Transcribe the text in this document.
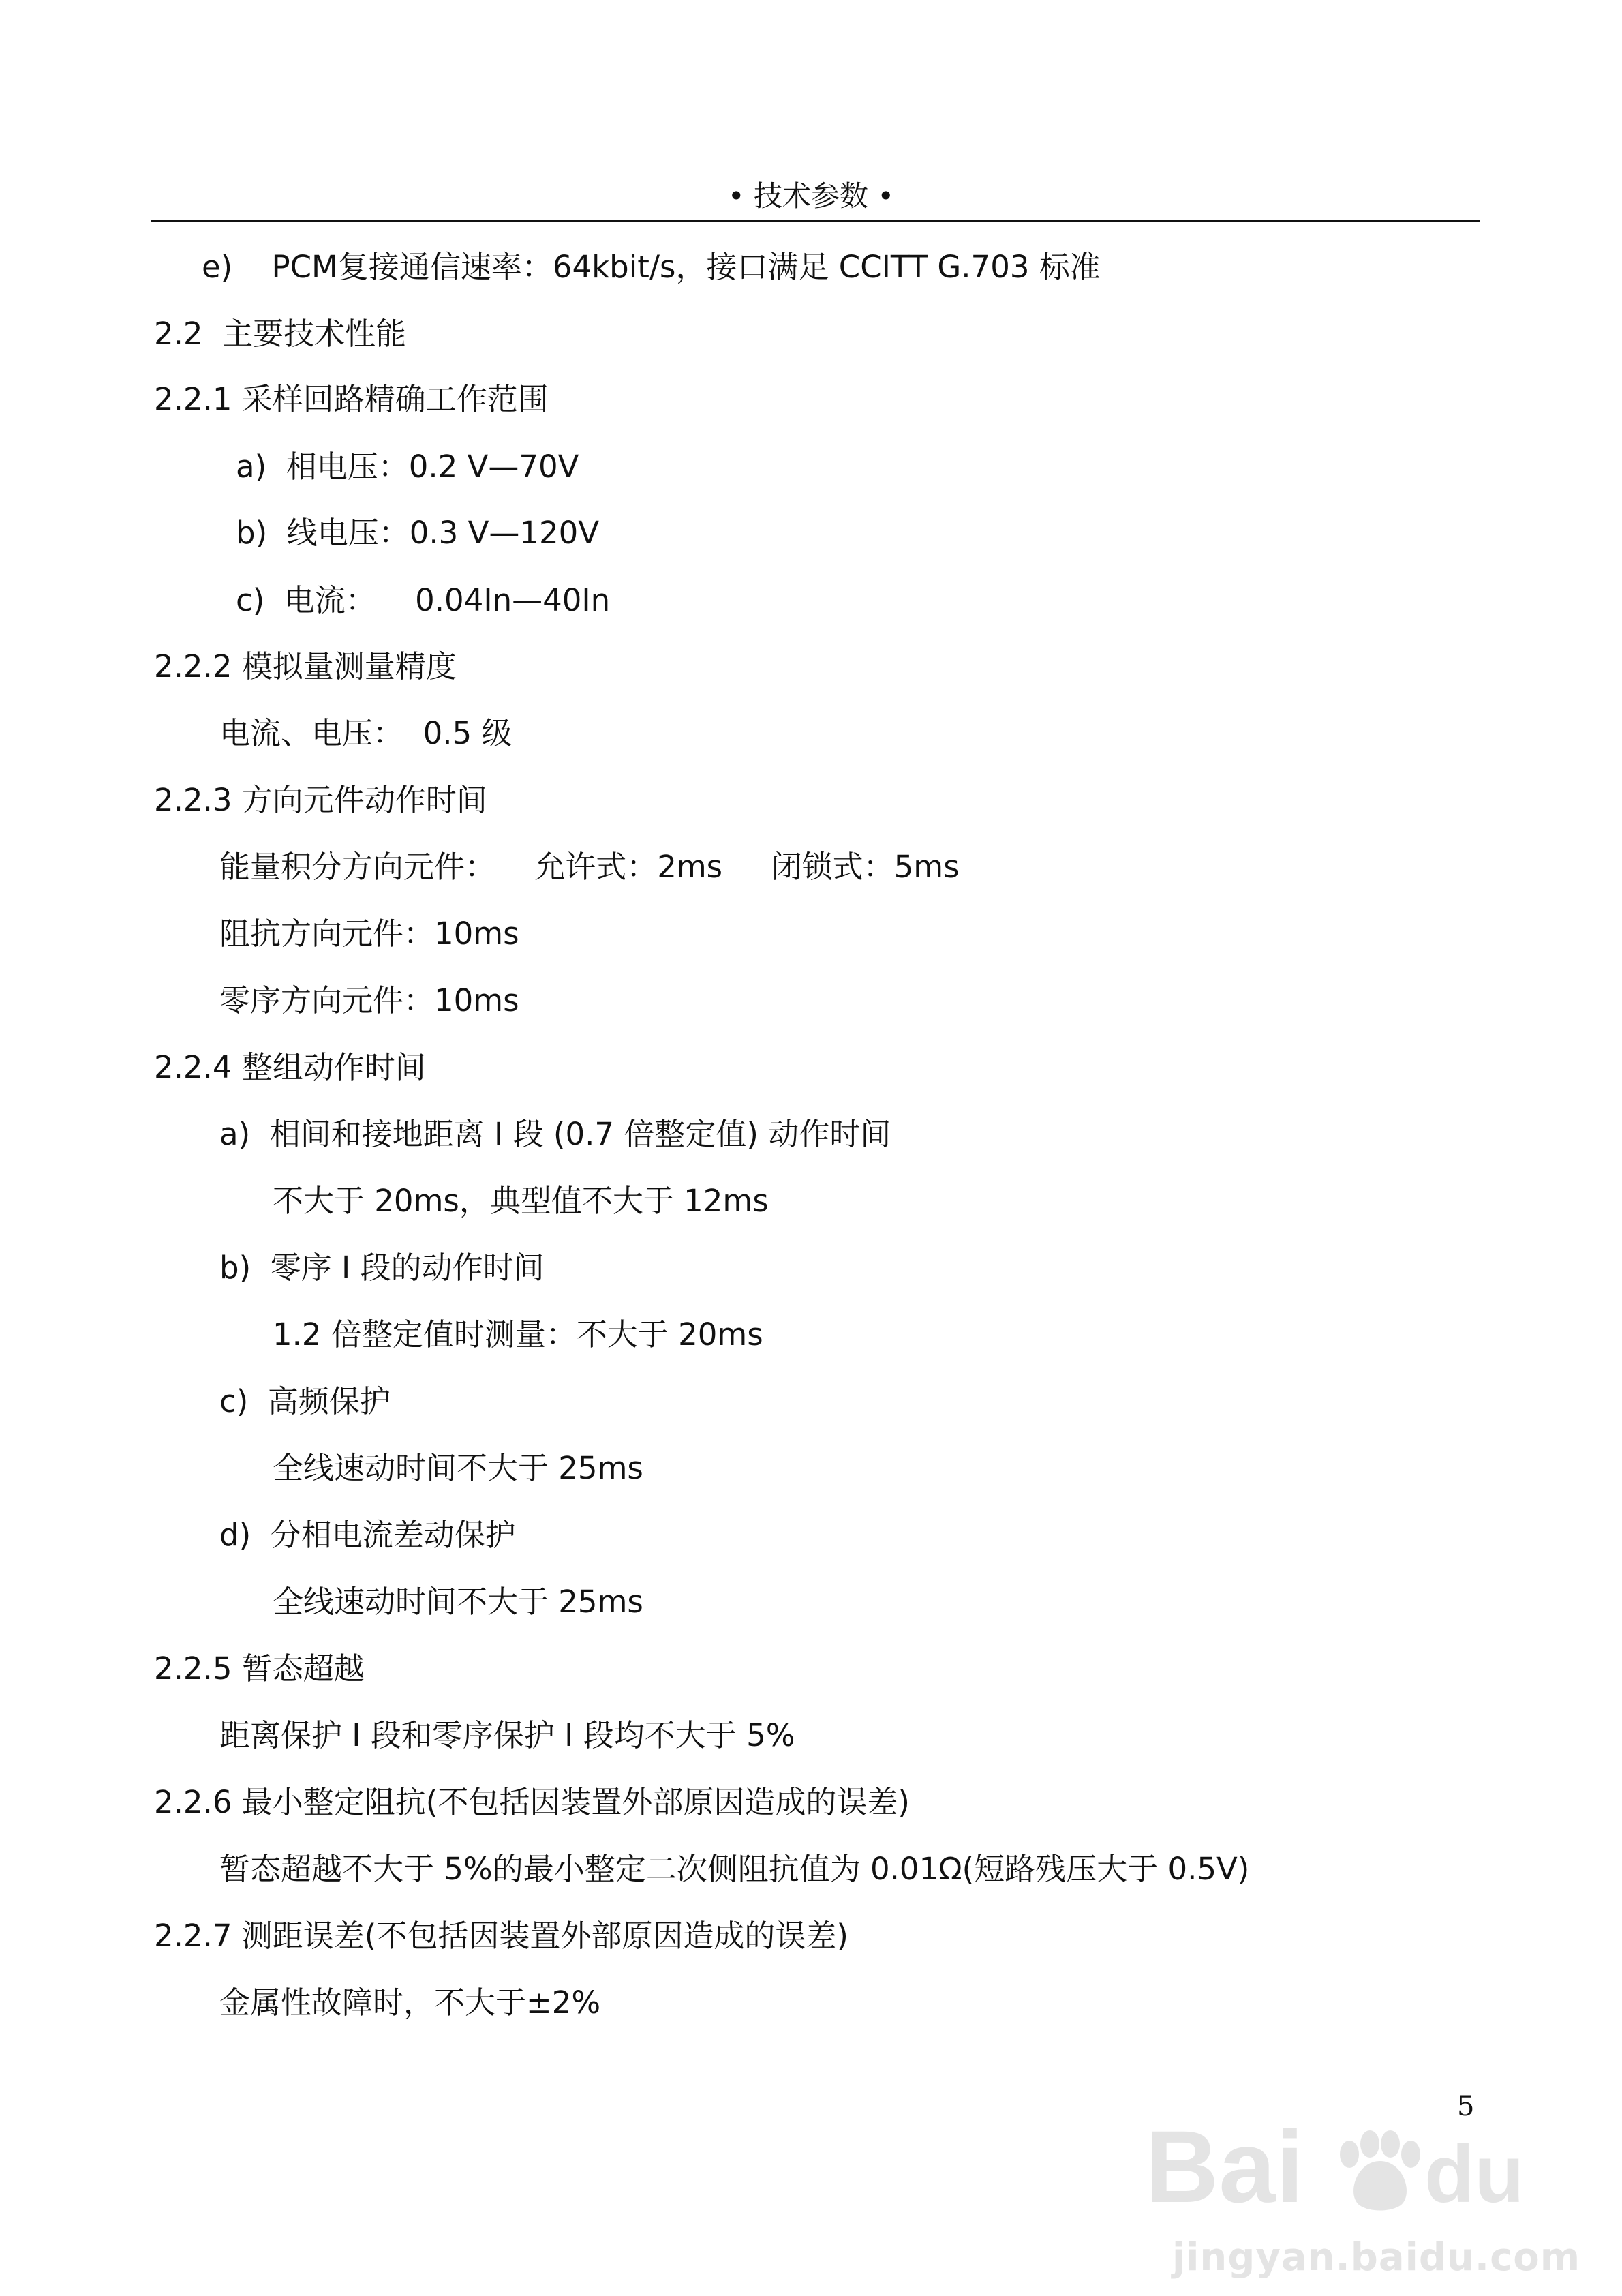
• 技术参数 •

e)    PCM复接通信速率：64kbit/s，接口满足 CCITT G.703 标准

2.2  主要技术性能

2.2.1 采样回路精确工作范围

a)  相电压：0.2 V—70V

b)  线电压：0.3 V—120V

c)  电流：    0.04In—40In

2.2.2 模拟量测量精度

电流、电压：  0.5 级

2.2.3 方向元件动作时间

能量积分方向元件：    允许式：2ms     闭锁式：5ms

阻抗方向元件：10ms

零序方向元件：10ms

2.2.4 整组动作时间

a)  相间和接地距离 I 段 (0.7 倍整定值) 动作时间

不大于 20ms，典型值不大于 12ms

b)  零序 I 段的动作时间

1.2 倍整定值时测量：不大于 20ms

c)  高频保护

全线速动时间不大于 25ms

d)  分相电流差动保护

全线速动时间不大于 25ms

2.2.5 暂态超越

距离保护 I 段和零序保护 I 段均不大于 5%

2.2.6 最小整定阻抗(不包括因装置外部原因造成的误差)

暂态超越不大于 5%的最小整定二次侧阻抗值为 0.01Ω(短路残压大于 0.5V)

2.2.7 测距误差(不包括因装置外部原因造成的误差)

金属性故障时，不大于±2%

5
Bai du
jingyan.baidu.com
